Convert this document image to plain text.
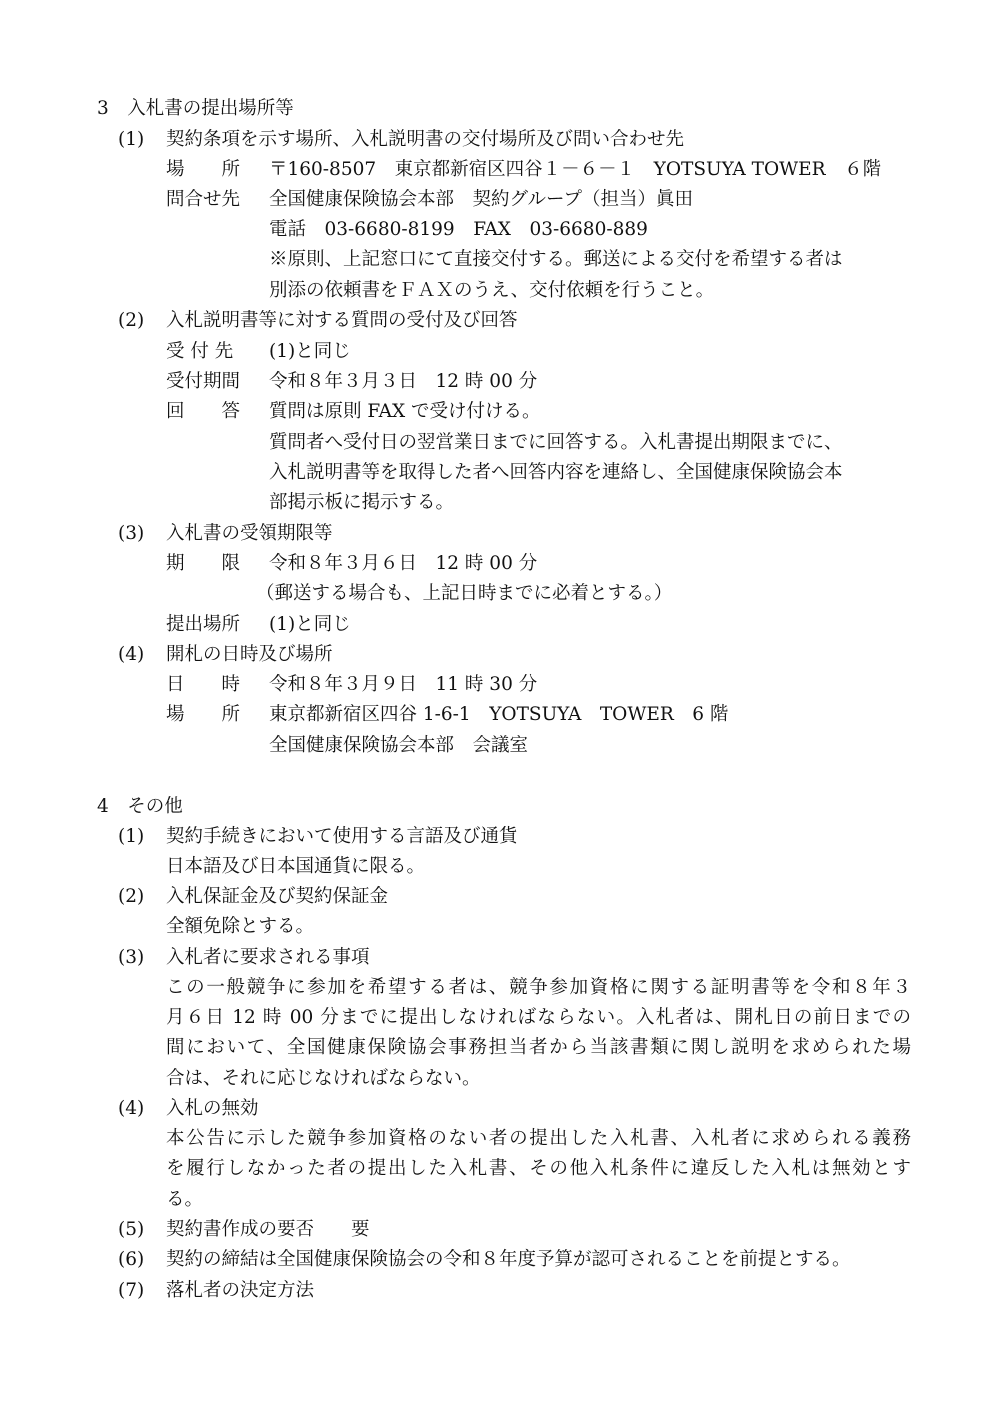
3　入札書の提出場所等
(1) 契約条項を示す場所、入札説明書の交付場所及び問い合わせ先
場　　所 〒160-8507　東京都新宿区四谷１－６－１　YOTSUYA TOWER　６階
問合せ先 全国健康保険協会本部　契約グループ（担当）眞田
電話　03-6680-8199　FAX　03-6680-889
※原則、上記窓口にて直接交付する。郵送による交付を希望する者は
別添の依頼書をＦＡＸのうえ、交付依頼を行うこと。
(2) 入札説明書等に対する質問の受付及び回答
受 付 先 (1)と同じ
受付期間 令和８年３月３日　12 時 00 分
回　　答 質問は原則 FAX で受け付ける。
質問者へ受付日の翌営業日までに回答する。入札書提出期限までに、
入札説明書等を取得した者へ回答内容を連絡し、全国健康保険協会本
部掲示板に掲示する。
(3) 入札書の受領期限等
期　　限 令和８年３月６日　12 時 00 分
（郵送する場合も、上記日時までに必着とする。）
提出場所 (1)と同じ
(4) 開札の日時及び場所
日　　時 令和８年３月９日　11 時 30 分
場　　所 東京都新宿区四谷 1-6-1　YOTSUYA　TOWER　6 階
全国健康保険協会本部　会議室
4　その他
(1) 契約手続きにおいて使用する言語及び通貨
日本語及び日本国通貨に限る。
(2) 入札保証金及び契約保証金
全額免除とする。
(3) 入札者に要求される事項
この一般競争に参加を希望する者は、競争参加資格に関する証明書等を令和８年３
月６日 12 時 00 分までに提出しなければならない。入札者は、開札日の前日までの
間において、全国健康保険協会事務担当者から当該書類に関し説明を求められた場
合は、それに応じなければならない。
(4) 入札の無効
本公告に示した競争参加資格のない者の提出した入札書、入札者に求められる義務
を履行しなかった者の提出した入札書、その他入札条件に違反した入札は無効とす
る。
(5) 契約書作成の要否　　要
(6) 契約の締結は全国健康保険協会の令和８年度予算が認可されることを前提とする。
(7) 落札者の決定方法
